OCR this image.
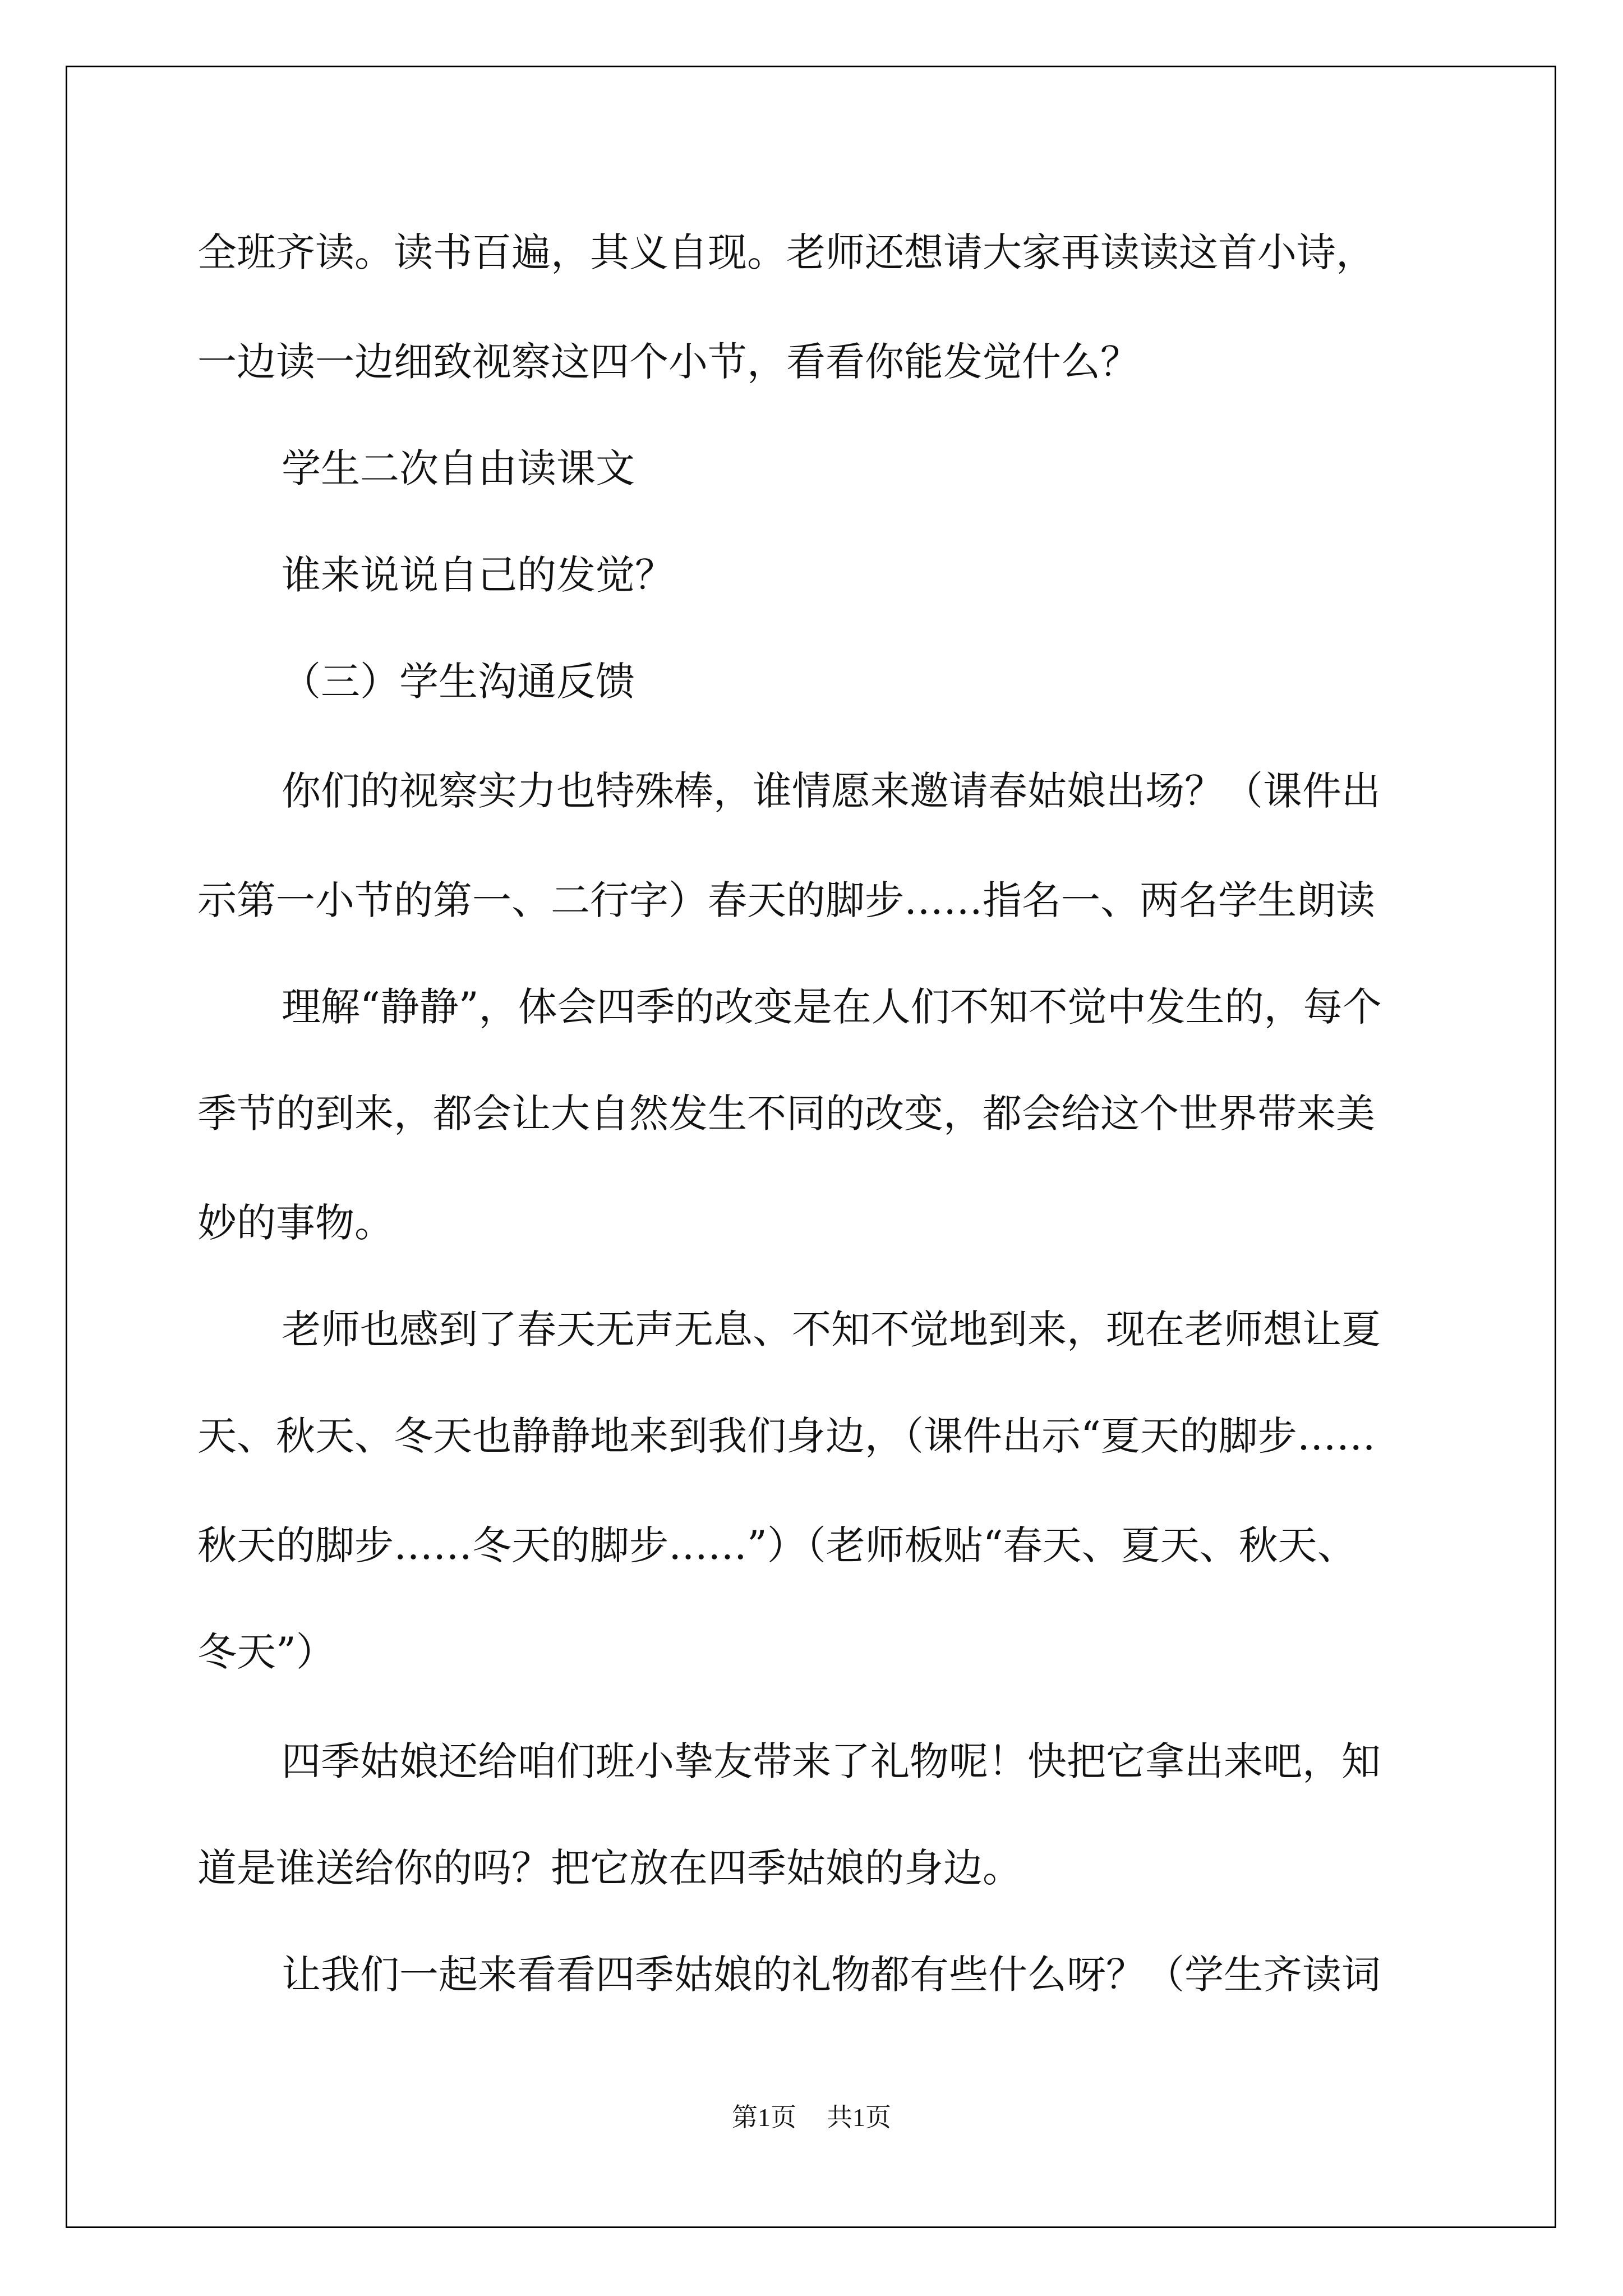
全班齐读。读书百遍，其义自现。老师还想请大家再读读这首小诗，
一边读一边细致视察这四个小节，看看你能发觉什么？
学生二次自由读课文
谁来说说自己的发觉？
（三）学生沟通反馈
你们的视察实力也特殊棒，谁情愿来邀请春姑娘出场？（课件出
示第一小节的第一、二行字）春天的脚步……指名一、两名学生朗读
理解“静静”，体会四季的改变是在人们不知不觉中发生的，每个
季节的到来，都会让大自然发生不同的改变，都会给这个世界带来美
妙的事物。
老师也感到了春天无声无息、不知不觉地到来，现在老师想让夏
天、秋天、冬天也静静地来到我们身边，（课件出示“夏天的脚步……
秋天的脚步……冬天的脚步……”）（老师板贴“春天、夏天、秋天、
冬天”）
四季姑娘还给咱们班小挚友带来了礼物呢！快把它拿出来吧，知
道是谁送给你的吗？把它放在四季姑娘的身边。
让我们一起来看看四季姑娘的礼物都有些什么呀？（学生齐读词
第1页 共1页
